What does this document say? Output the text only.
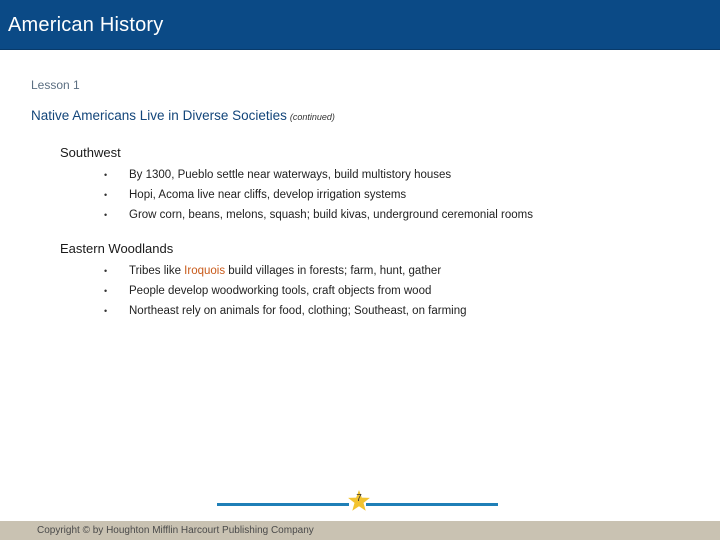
American History
Lesson 1
Native Americans Live in Diverse Societies (continued)
Southwest
• By 1300, Pueblo settle near waterways, build multistory houses
• Hopi, Acoma live near cliffs, develop irrigation systems
• Grow corn, beans, melons, squash; build kivas, underground ceremonial rooms
Eastern Woodlands
• Tribes like Iroquois build villages in forests; farm, hunt, gather
• People develop woodworking tools, craft objects from wood
• Northeast rely on animals for food, clothing; Southeast, on farming
7
Copyright © by Houghton Mifflin Harcourt Publishing Company
